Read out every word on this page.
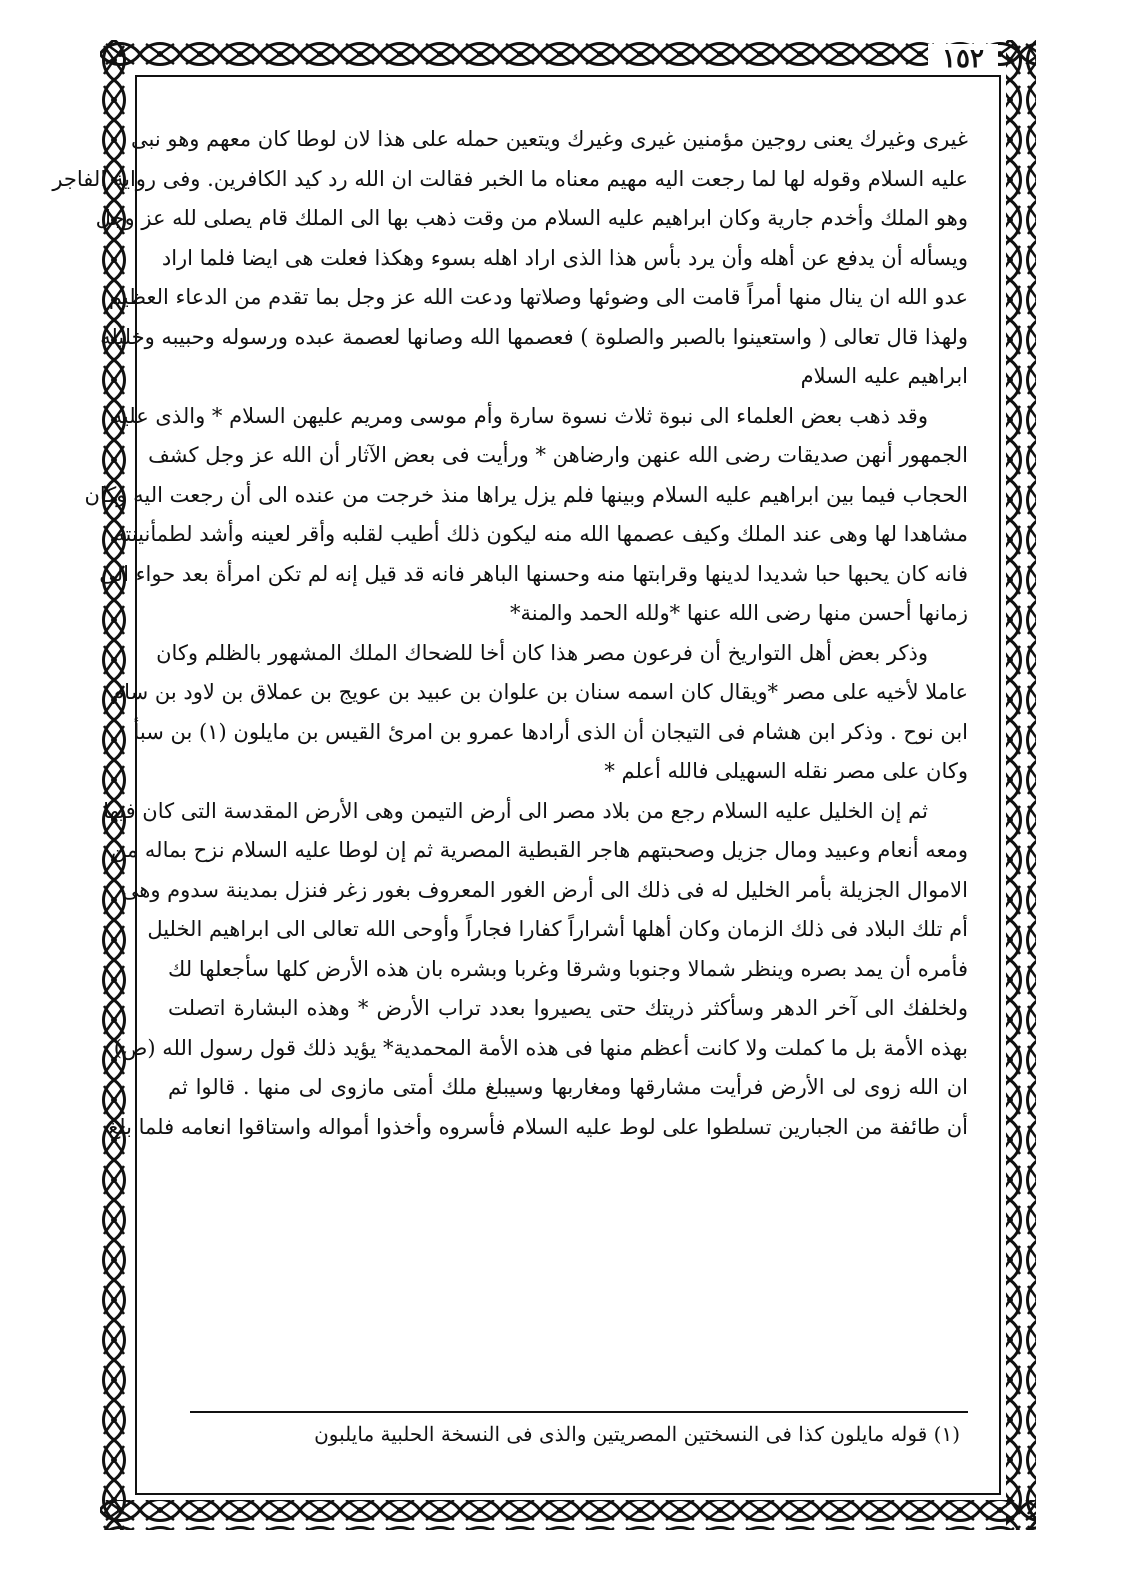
١٥٢
غيرى وغيرك يعنى روجين مؤمنين غيرى وغيرك ويتعين حمله على هذا لان لوطا كان معهم وهو نبى
عليه السلام وقوله لها لما رجعت اليه مهيم معناه ما الخبر فقالت ان الله رد كيد الكافرين. وفى رواية الفاجر
وهو الملك وأخدم جارية وكان ابراهيم عليه السلام من وقت ذهب بها الى الملك قام يصلى لله عز وجل
ويسأله أن يدفع عن أهله وأن يرد بأس هذا الذى اراد اهله بسوء وهكذا فعلت هى ايضا فلما اراد
عدو الله ان ينال منها أمراً قامت الى وضوئها وصلاتها ودعت الله عز وجل بما تقدم من الدعاء العظيم
ولهذا قال تعالى ( واستعينوا بالصبر والصلوة ) فعصمها الله وصانها لعصمة عبده ورسوله وحبيبه وخليله
ابراهيم عليه السلام
وقد ذهب بعض العلماء الى نبوة ثلاث نسوة سارة وأم موسى ومريم عليهن السلام * والذى عليه
الجمهور أنهن صديقات رضى الله عنهن وارضاهن * ورأيت فى بعض الآثار أن الله عز وجل كشف
الحجاب فيما بين ابراهيم عليه السلام وبينها فلم يزل يراها منذ خرجت من عنده الى أن رجعت اليه وكان
مشاهدا لها وهى عند الملك وكيف عصمها الله منه ليكون ذلك أطيب لقلبه وأقر لعينه وأشد لطمأنينته
فانه كان يحبها حبا شديدا لدينها وقرابتها منه وحسنها الباهر فانه قد قيل إنه لم تكن امرأة بعد حواء الى
زمانها أحسن منها رضى الله عنها *ولله الحمد والمنة*
وذكر بعض أهل التواريخ أن فرعون مصر هذا كان أخا للضحاك الملك المشهور بالظلم وكان
عاملا لأخيه على مصر *ويقال كان اسمه سنان بن علوان بن عبيد بن عويج بن عملاق بن لاود بن سام
ابن نوح . وذكر ابن هشام فى التيجان أن الذى أرادها عمرو بن امرئ القيس بن مايلون (١) بن سبأ
وكان على مصر نقله السهيلى فالله أعلم *
ثم إن الخليل عليه السلام رجع من بلاد مصر الى أرض التيمن وهى الأرض المقدسة التى كان فيها
ومعه أنعام وعبيد ومال جزيل وصحبتهم هاجر القبطية المصرية ثم إن لوطا عليه السلام نزح بماله من
الاموال الجزيلة بأمر الخليل له فى ذلك الى أرض الغور المعروف بغور زغر فنزل بمدينة سدوم وهى
أم تلك البلاد فى ذلك الزمان وكان أهلها أشراراً كفارا فجاراً وأوحى الله تعالى الى ابراهيم الخليل
فأمره أن يمد بصره وينظر شمالا وجنوبا وشرقا وغربا وبشره بان هذه الأرض كلها سأجعلها لك
ولخلفك الى آخر الدهر وسأكثر ذريتك حتى يصيروا بعدد تراب الأرض * وهذه البشارة اتصلت
بهذه الأمة بل ما كملت ولا كانت أعظم منها فى هذه الأمة المحمدية* يؤيد ذلك قول رسول الله (ص)
ان الله زوى لى الأرض فرأيت مشارقها ومغاربها وسيبلغ ملك أمتى مازوى لى منها . قالوا ثم
أن طائفة من الجبارين تسلطوا على لوط عليه السلام فأسروه وأخذوا أمواله واستاقوا انعامه فلما بلغ
(١) قوله مايلون كذا فى النسختين المصريتين والذى فى النسخة الحلبية مايلبون
